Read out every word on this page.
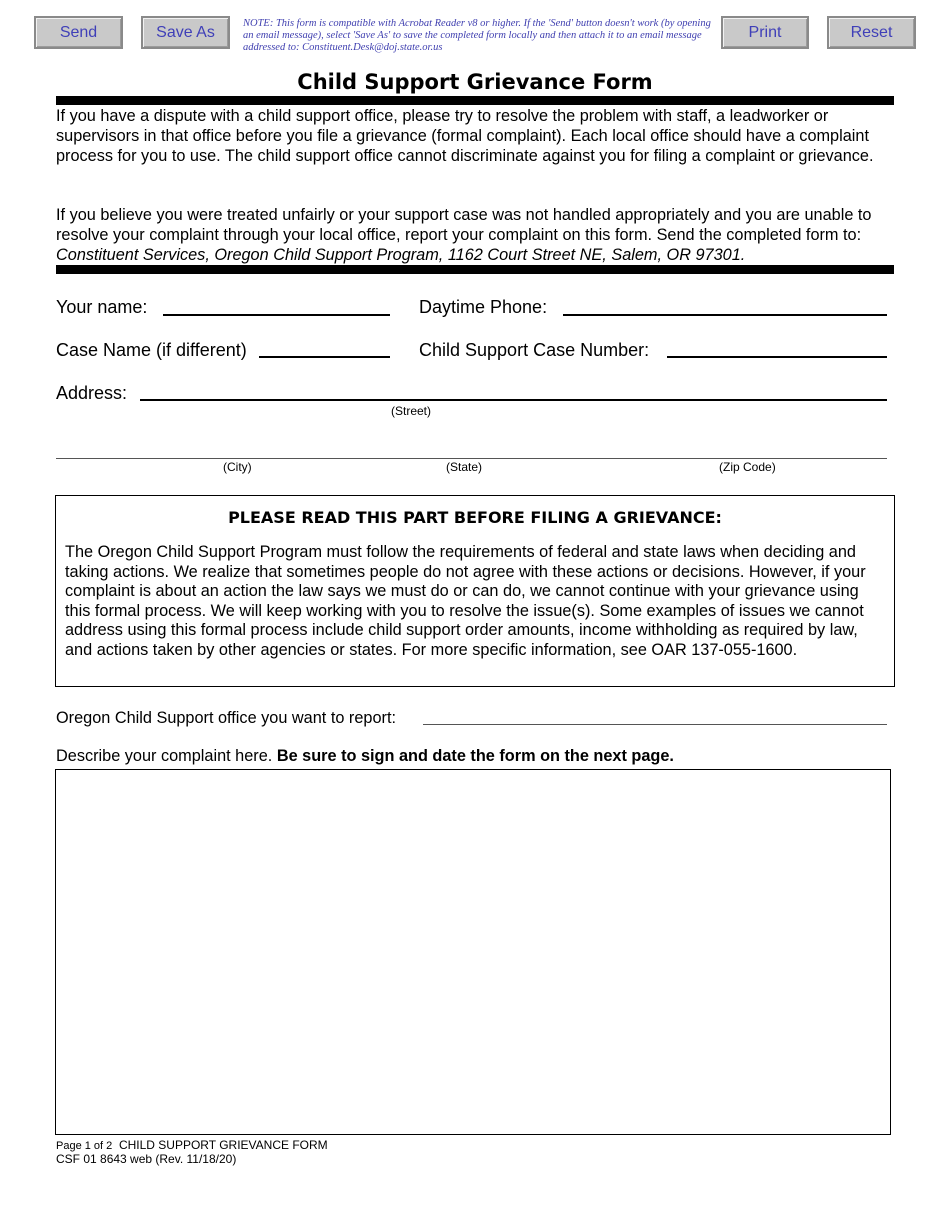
Send	Save As
NOTE: This form is compatible with Acrobat Reader v8 or higher. If the 'Send' button doesn't work (by opening an email message), select 'Save As' to save the completed form locally and then attach it to an email message addressed to: Constituent.Desk@doj.state.or.us
Print	Reset
Child Support Grievance Form
If you have a dispute with a child support office, please try to resolve the problem with staff, a leadworker or supervisors in that office before you file a grievance (formal complaint). Each local office should have a complaint process for you to use. The child support office cannot discriminate against you for filing a complaint or grievance.
If you believe you were treated unfairly or your support case was not handled appropriately and you are unable to resolve your complaint through your local office, report your complaint on this form. Send the completed form to: Constituent Services, Oregon Child Support Program, 1162 Court Street NE, Salem, OR 97301.
Your name:	Daytime Phone:
Case Name (if different)	Child Support Case Number:
Address:
(Street)
(City)	(State)	(Zip Code)
PLEASE READ THIS PART BEFORE FILING A GRIEVANCE:
The Oregon Child Support Program must follow the requirements of federal and state laws when deciding and taking actions. We realize that sometimes people do not agree with these actions or decisions. However, if your complaint is about an action the law says we must do or can do, we cannot continue with your grievance using this formal process. We will keep working with you to resolve the issue(s). Some examples of issues we cannot address using this formal process include child support order amounts, income withholding as required by law, and actions taken by other agencies or states. For more specific information, see OAR 137-055-1600.
Oregon Child Support office you want to report:
Describe your complaint here. Be sure to sign and date the form on the next page.
Page 1 of 2 CHILD SUPPORT GRIEVANCE FORM
CSF 01 8643 web (Rev. 11/18/20)
